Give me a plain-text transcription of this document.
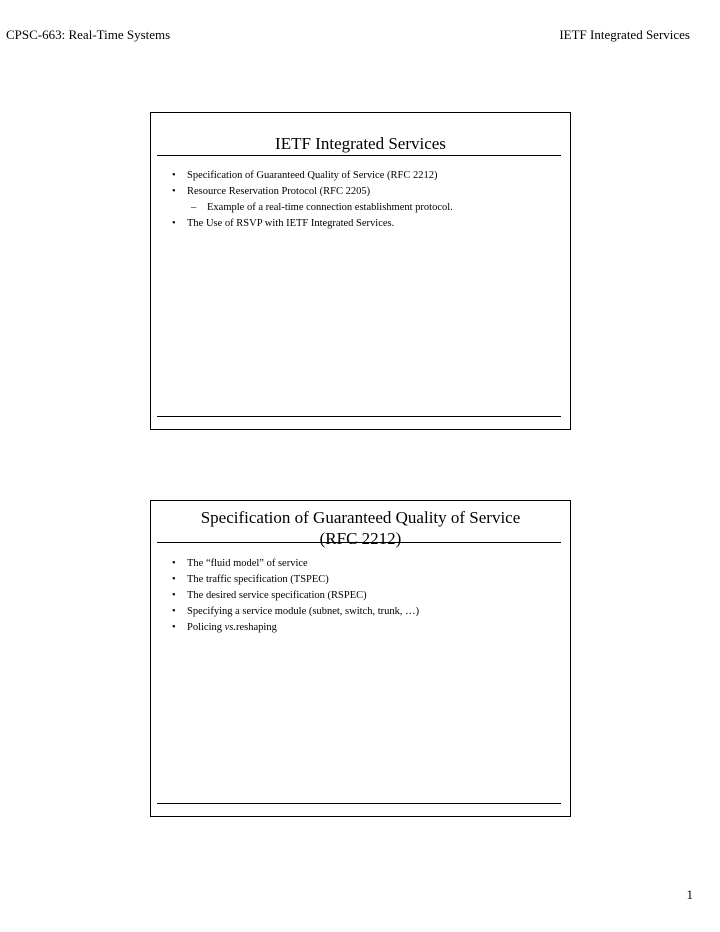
CPSC-663: Real-Time Systems	IETF Integrated Services
IETF Integrated Services
• Specification of Guaranteed Quality of Service (RFC 2212)
• Resource Reservation Protocol (RFC 2205)
– Example of a real-time connection establishment protocol.
• The Use of RSVP with IETF Integrated Services.
Specification of Guaranteed Quality of Service
(RFC 2212)
• The “fluid model” of service
• The traffic specification (TSPEC)
• The desired service specification (RSPEC)
• Specifying a service module (subnet, switch, trunk, …)
• Policing vs.reshaping
1
